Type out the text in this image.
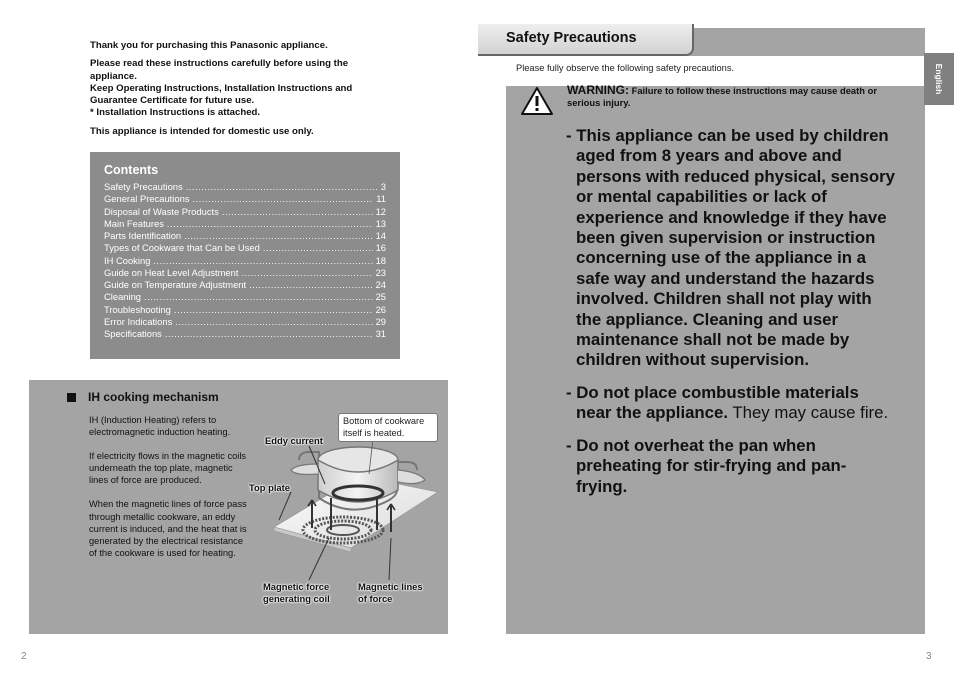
Thank you for purchasing this Panasonic appliance.

Please read these instructions carefully before using the appliance.

Keep Operating Instructions, Installation Instructions and Guarantee Certificate for future use.

* Installation Instructions is attached.

This appliance is intended for domestic use only.

Contents
Safety Precautions .....	3
General Precautions .....	11
Disposal of Waste Products .....	12
Main Features .....	13
Parts Identification .....	14
Types of Cookware that Can be Used .....	16
IH Cooking .....	18
Guide on Heat Level Adjustment .....	23
Guide on Temperature Adjustment .....	24
Cleaning .....	25
Troubleshooting .....	26
Error Indications .....	29
Specifications .....	31
IH cooking mechanism

IH (Induction Heating) refers to electromagnetic induction heating.

If electricity flows in the magnetic coils underneath the top plate, magnetic lines of force are produced.

When the magnetic lines of force pass through metallic cookware, an eddy current is induced, and the heat that is generated by the electrical resistance of the cookware is used for heating.

Bottom of cookware itself is heated.
Eddy current
Top plate
Magnetic force
generating coil
Magnetic lines
of force
2
Safety Precautions
Please fully observe the following safety precautions.	English
WARNING: Failure to follow these instructions may cause death or serious injury.
- This appliance can be used by children aged from 8 years and above and persons with reduced physical, sensory or mental capabilities or lack of experience and knowledge if they have been given supervision or instruction concerning use of the appliance in a safe way and understand the hazards involved. Children shall not play with the appliance. Cleaning and user maintenance shall not be made by children without supervision.
- Do not place combustible materials near the appliance. They may cause fire.
- Do not overheat the pan when preheating for stir-frying and pan-frying.
3
